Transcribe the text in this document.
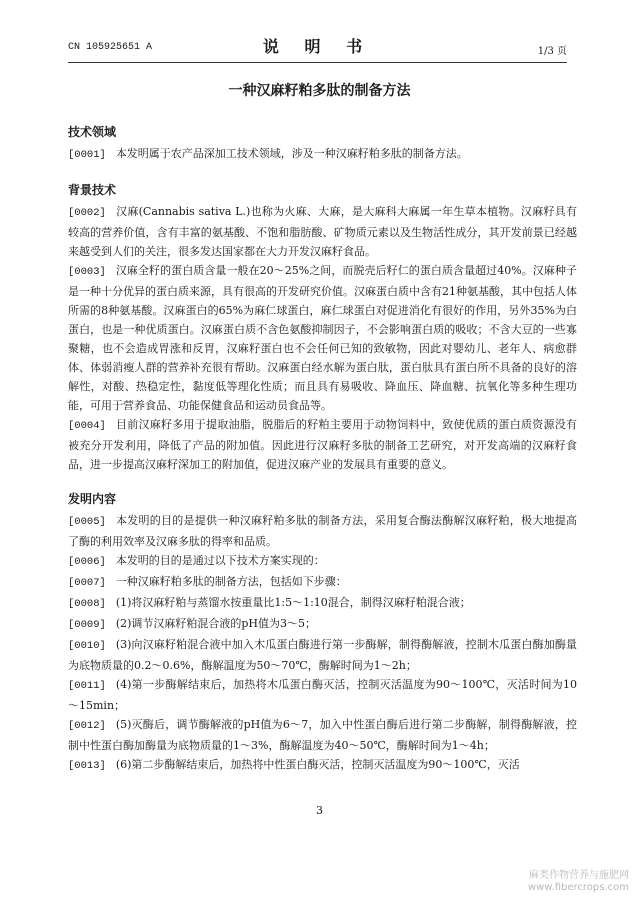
CN 105925651 A	说 明 书	1/3 页
一种汉麻籽粕多肽的制备方法
技术领域

[0001] 本发明属于农产品深加工技术领域，涉及一种汉麻籽粕多肽的制备方法。

背景技术

[0002] 汉麻(Cannabis sativa L.)也称为火麻、大麻，是大麻科大麻属一年生草本植物。汉麻籽具有较高的营养价值，含有丰富的氨基酸、不饱和脂肪酸、矿物质元素以及生物活性成分，其开发前景已经越来越受到人们的关注，很多发达国家都在大力开发汉麻籽食品。

[0003] 汉麻全籽的蛋白质含量一般在20～25%之间，而脱壳后籽仁的蛋白质含量超过40%。汉麻种子是一种十分优异的蛋白质来源，具有很高的开发研究价值。汉麻蛋白质中含有21种氨基酸，其中包括人体所需的8种氨基酸。汉麻蛋白的65%为麻仁球蛋白，麻仁球蛋白对促进消化有很好的作用，另外35%为白蛋白，也是一种优质蛋白。汉麻蛋白质不含色氨酸抑制因子，不会影响蛋白质的吸收；不含大豆的一些寡聚糖，也不会造成胃涨和反胃，汉麻籽蛋白也不会任何已知的致敏物，因此对婴幼儿、老年人、病愈群体、体弱消瘦人群的营养补充很有帮助。汉麻蛋白经水解为蛋白肽，蛋白肽具有蛋白所不具备的良好的溶解性，对酸、热稳定性，黏度低等理化性质；而且具有易吸收、降血压、降血糖、抗氧化等多种生理功能，可用于营养食品、功能保健食品和运动员食品等。

[0004] 目前汉麻籽多用于提取油脂，脱脂后的籽粕主要用于动物饲料中，致使优质的蛋白质资源没有被充分开发利用，降低了产品的附加值。因此进行汉麻籽多肽的制备工艺研究，对开发高端的汉麻籽食品，进一步提高汉麻籽深加工的附加值，促进汉麻产业的发展具有重要的意义。

发明内容

[0005] 本发明的目的是提供一种汉麻籽粕多肽的制备方法，采用复合酶法酶解汉麻籽粕，极大地提高了酶的利用效率及汉麻多肽的得率和品质。

[0006] 本发明的目的是通过以下技术方案实现的：

[0007] 一种汉麻籽粕多肽的制备方法，包括如下步骤：

[0008] (1)将汉麻籽粕与蒸馏水按重量比1:5～1:10混合，制得汉麻籽粕混合液；

[0009] (2)调节汉麻籽粕混合液的pH值为3～5；

[0010] (3)向汉麻籽粕混合液中加入木瓜蛋白酶进行第一步酶解，制得酶解液，控制木瓜蛋白酶加酶量为底物质量的0.2～0.6%，酶解温度为50～70℃，酶解时间为1～2h；

[0011] (4)第一步酶解结束后，加热将木瓜蛋白酶灭活，控制灭活温度为90～100℃，灭活时间为10～15min；

[0012] (5)灭酶后，调节酶解液的pH值为6～7，加入中性蛋白酶后进行第二步酶解，制得酶解液，控制中性蛋白酶加酶量为底物质量的1～3%，酶解温度为40～50℃，酶解时间为1～4h；

[0013] (6)第二步酶解结束后，加热将中性蛋白酶灭活，控制灭活温度为90～100℃，灭活

3
麻类作物营养与施肥网
www.fibercrops.com
